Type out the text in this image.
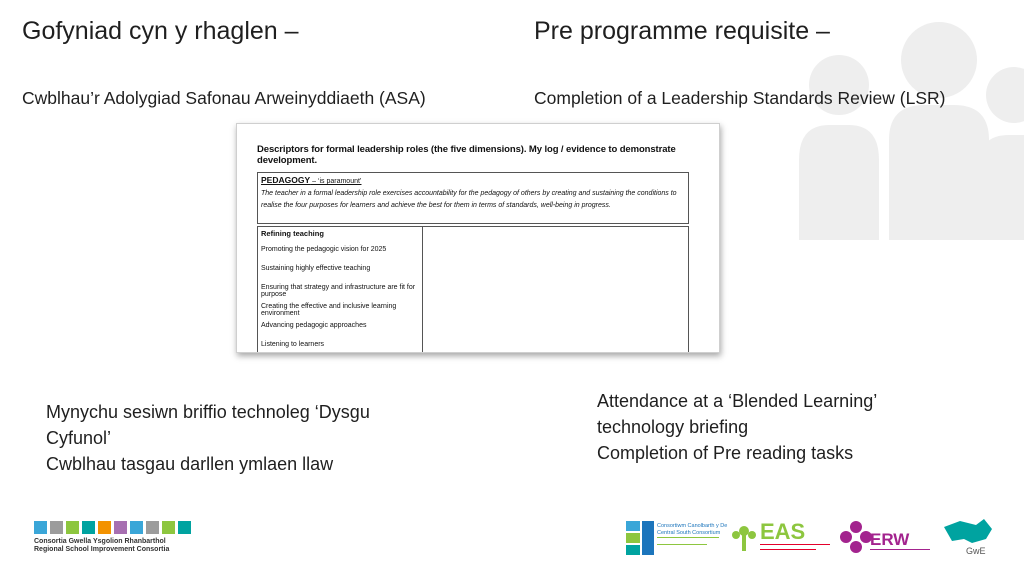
Gofyniad cyn y rhaglen –	Pre programme requisite –

Cwblhau’r Adolygiad Safonau Arweinyddiaeth (ASA)	Completion of a Leadership Standards Review (LSR)

Descriptors for formal leadership roles (the five dimensions). My log / evidence to demonstrate development.
PEDAGOGY – ‘is paramount’
The teacher in a formal leadership role exercises accountability for the pedagogy of others by creating and sustaining the conditions to realise the four purposes for learners and achieve the best for them in terms of standards, well-being in progress.
Refining teaching
Promoting the pedagogic vision for 2025
Sustaining highly effective teaching
Ensuring that strategy and infrastructure are fit for purpose
Creating the effective and inclusive learning environment
Advancing pedagogic approaches
Listening to learners
Mynychu sesiwn briffio technoleg ‘Dysgu
Cyfunol’
Cwblhau tasgau darllen ymlaen llaw
Attendance at a ‘Blended Learning’
technology briefing
Completion of Pre reading tasks
Consortia Gwella Ysgolion Rhanbarthol
Regional School Improvement Consortia
Consortiwm Canolbarth y De
Central South Consortium EAS	ERW
GwE
